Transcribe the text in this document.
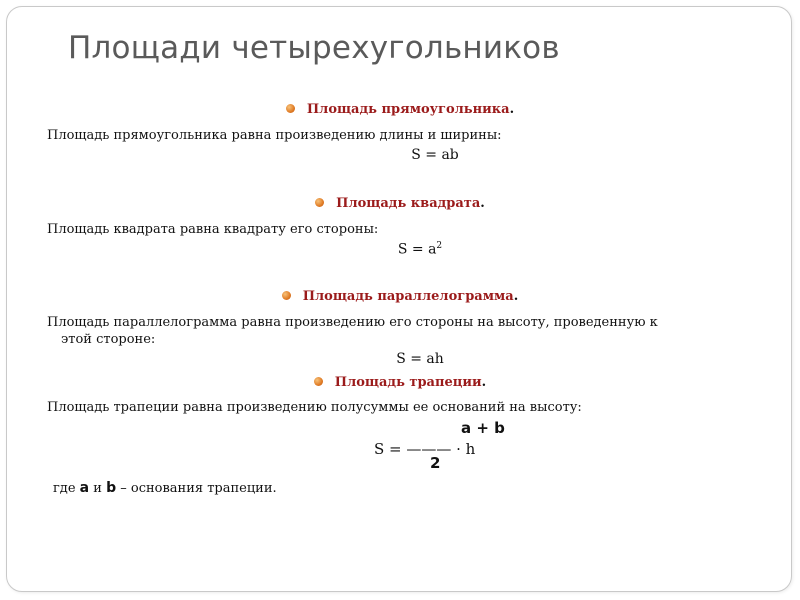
Площади четырехугольников
Площадь прямоугольника.
Площадь прямоугольника равна произведению длины и ширины:
S = ab
Площадь квадрата.
Площадь квадрата равна квадрату его стороны:
$S = a^2$
Площадь параллелограмма.
Площадь параллелограмма равна произведению его стороны на высоту, проведенную к
этой стороне:
S = ah
Площадь трапеции.
Площадь трапеции равна произведению полусуммы ее оснований на высоту:
a + b
S = ——— · h
2
где a и b – основания трапеции.
